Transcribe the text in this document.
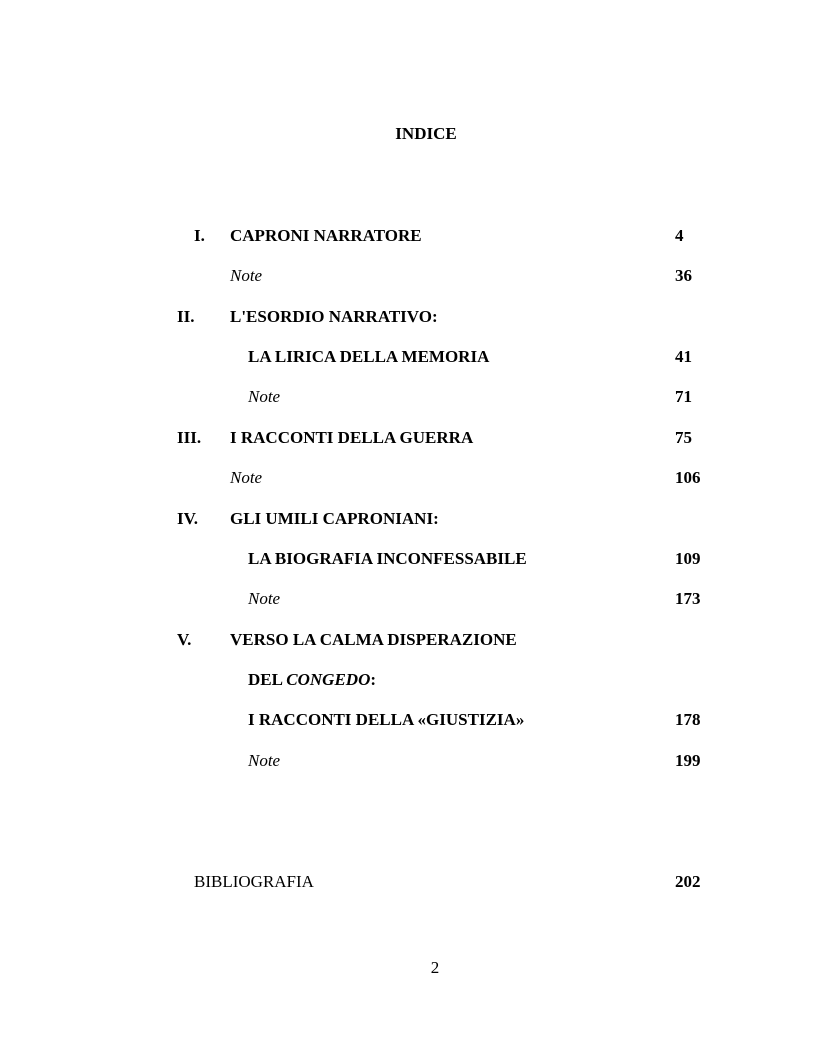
INDICE
I. CAPRONI NARRATORE	4
Note	36
II. L'ESORDIO NARRATIVO:
LA LIRICA DELLA MEMORIA	41
Note	71
III. I RACCONTI DELLA GUERRA	75
Note	106
IV. GLI UMILI CAPRONIANI:
LA BIOGRAFIA INCONFESSABILE	109
Note	173
V. VERSO LA CALMA DISPERAZIONE
DEL CONGEDO:
I RACCONTI DELLA «GIUSTIZIA»	178
Note	199
BIBLIOGRAFIA	202
2
